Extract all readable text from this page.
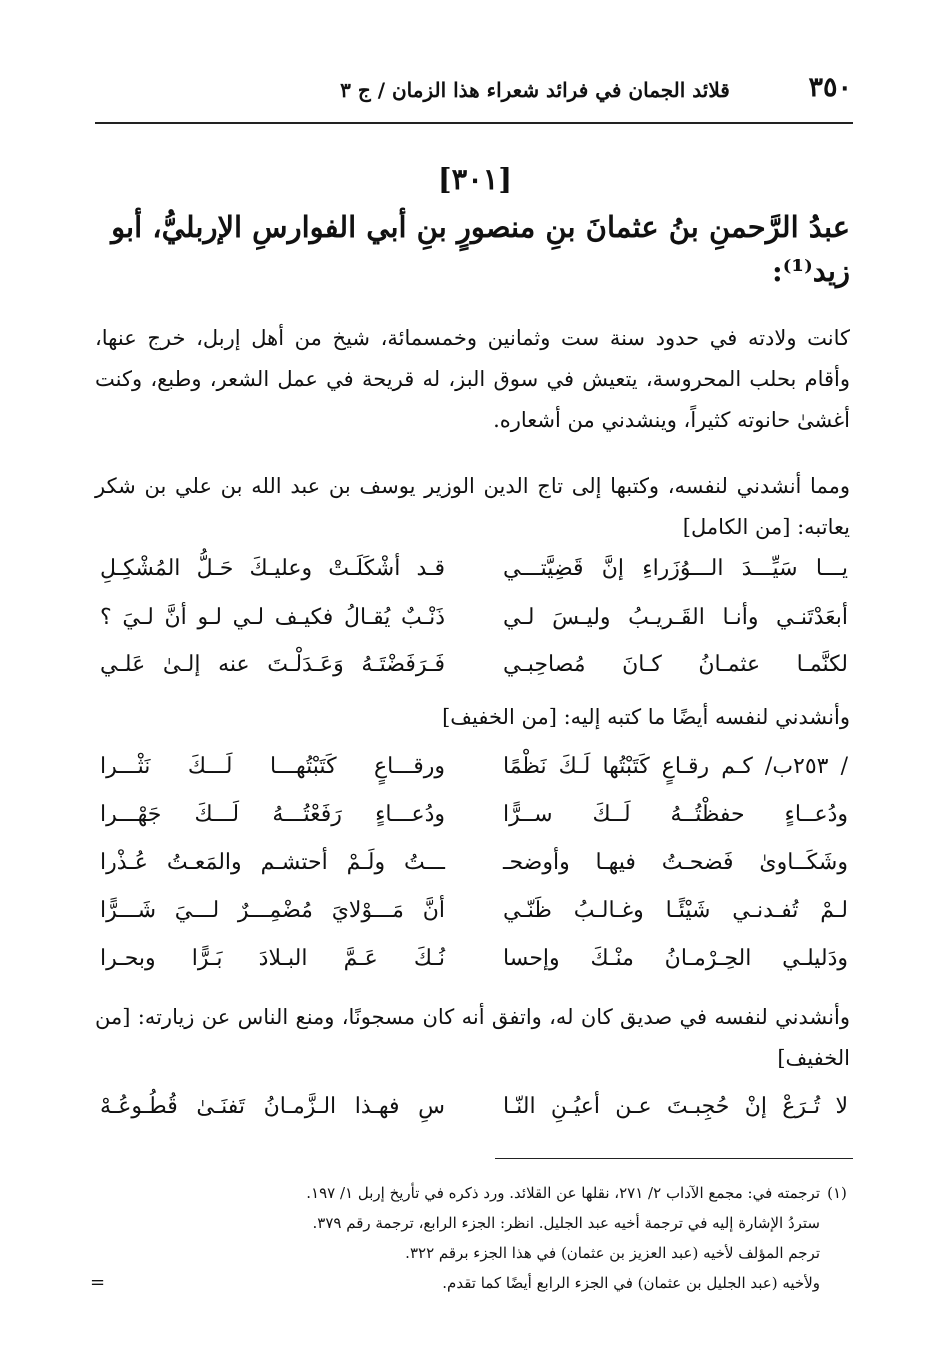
٣٥٠
قلائد الجمان في فرائد شعراء هذا الزمان / ج ٣
[٣٠١]
عبدُ الرَّحمنِ بنُ عثمانَ بنِ منصورٍ بنِ أبي الفوارسِ الإربليُّ، أبو
زيد⁽¹⁾:
كانت ولادته في حدود سنة ست وثمانين وخمسمائة، شيخ من أهل إربل، خرج عنها، وأقام بحلب المحروسة، يتعيش في سوق البز، له قريحة في عمل الشعر، وطبع، وكنت أغشىٰ حانوته كثيراً، وينشدني من أشعاره.
ومما أنشدني لنفسه، وكتبها إلى تاج الدين الوزير يوسف بن عبد الله بن علي بن شكر يعاتبه: [من الكامل]
يـــا سَيِّـــدَ الـــوُزَراءِ إنَّ قَضِيَّتـــي
قـد أشْكَلَـتْ وعليـكَ حَـلُّ المُشْكِـلِ
أبعَدْتَنـي وأنـا القَـريـبُ وليـسَ لـي
ذَنْـبٌ يُقـالُ فكيـف لـي لـو أنَّ لـيَ ؟
لكنَّمـا عثمـانُ كـانَ مُصاحِبـي
فَـرَفَضْتَـهُ وَعَـدَلْـتَ عنه إلـىٰ عَلـي
وأنشدني لنفسه أيضًا ما كتبه إليه: [من الخفيف]
/ ٢٥٣ب/ كـم رقـاعٍ كَتَبْتُها لَـكَ نَظْمًا
ورقـــاعٍ كَتَبْتُهـــا لَـــكَ نَثْـــرا
ودُعــاءٍ حفظْتُــهُ لَــكَ ســرًّا
ودُعـــاءٍ رَفَعْتُـــهُ لَـــكَ جَهْـــرا
وشَكَــاوىٰ فَضحـتُ فيهـا وأوضحـ
ـــتُ ولَـمْ أحتشـم والمَعـتُ عُـذْرا
لـمْ تُفـدنـي شَيْئًـا وغـالـبُ ظَنّـي
أنَّ مَـــوْلايَ مُضْمِـــرٌ لـــيَ شَـــرًّا
ودَليلـي الحِـرْمـانُ منْـكَ وإحسا
نُـكَ عَـمَّ البـلادَ بَـرًّا وبحـرا
وأنشدني لنفسه في صديق كان له، واتفق أنه كان مسجونًا، ومنع الناس عن زيارته: [من الخفيف]
لا تُـرَعْ إنْ حُجِبـتَ عـن أعيُـنِ النّـا
سِ فهـذا الـزَّمـانُ تَفنَـىٰ قُطُـوعُـهْ
(١)
ترجمته في: مجمع الآداب ٢/ ٢٧١، نقلها عن القلائد. ورد ذكره في تأريخ إربل ١/ ١٩٧.
ستردُ الإشارة إليه في ترجمة أخيه عبد الجليل. انظر: الجزء الرابع، ترجمة رقم ٣٧٩.
ترجم المؤلف لأخيه (عبد العزيز بن عثمان) في هذا الجزء برقم ٣٢٢.
ولأخيه (عبد الجليل بن عثمان) في الجزء الرابع أيضًا كما تقدم.
=
